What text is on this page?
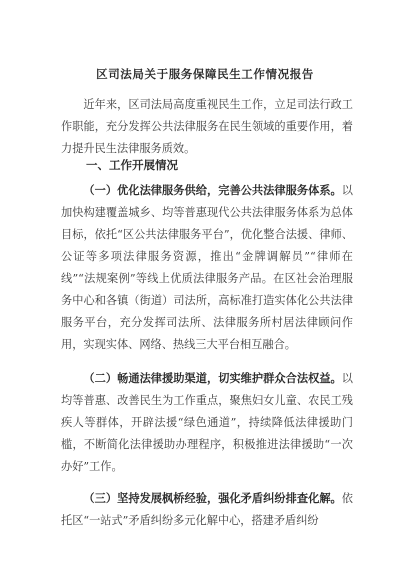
区司法局关于服务保障民生工作情况报告
近年来，区司法局高度重视民生工作，立足司法行政工作职能，充分发挥公共法律服务在民生领域的重要作用，着力提升民生法律服务质效。
一、工作开展情况
（一）优化法律服务供给，完善公共法律服务体系。以加快构建覆盖城乡、均等普惠现代公共法律服务体系为总体目标，依托“区公共法律服务平台”，优化整合法援、律师、公证等多项法律服务资源，推出“金牌调解员”“律师在线”“法规案例”等线上优质法律服务产品。在区社会治理服务中心和各镇（街道）司法所，高标准打造实体化公共法律服务平台，充分发挥司法所、法律服务所村居法律顾问作用，实现实体、网络、热线三大平台相互融合。
（二）畅通法律援助渠道，切实维护群众合法权益。以均等普惠、改善民生为工作重点，聚焦妇女儿童、农民工残疾人等群体，开辟法援“绿色通道”，持续降低法律援助门槛，不断简化法律援助办理程序，积极推进法律援助“一次办好”工作。
（三）坚持发展枫桥经验，强化矛盾纠纷排查化解。依托区“一站式”矛盾纠纷多元化解中心，搭建矛盾纠纷
